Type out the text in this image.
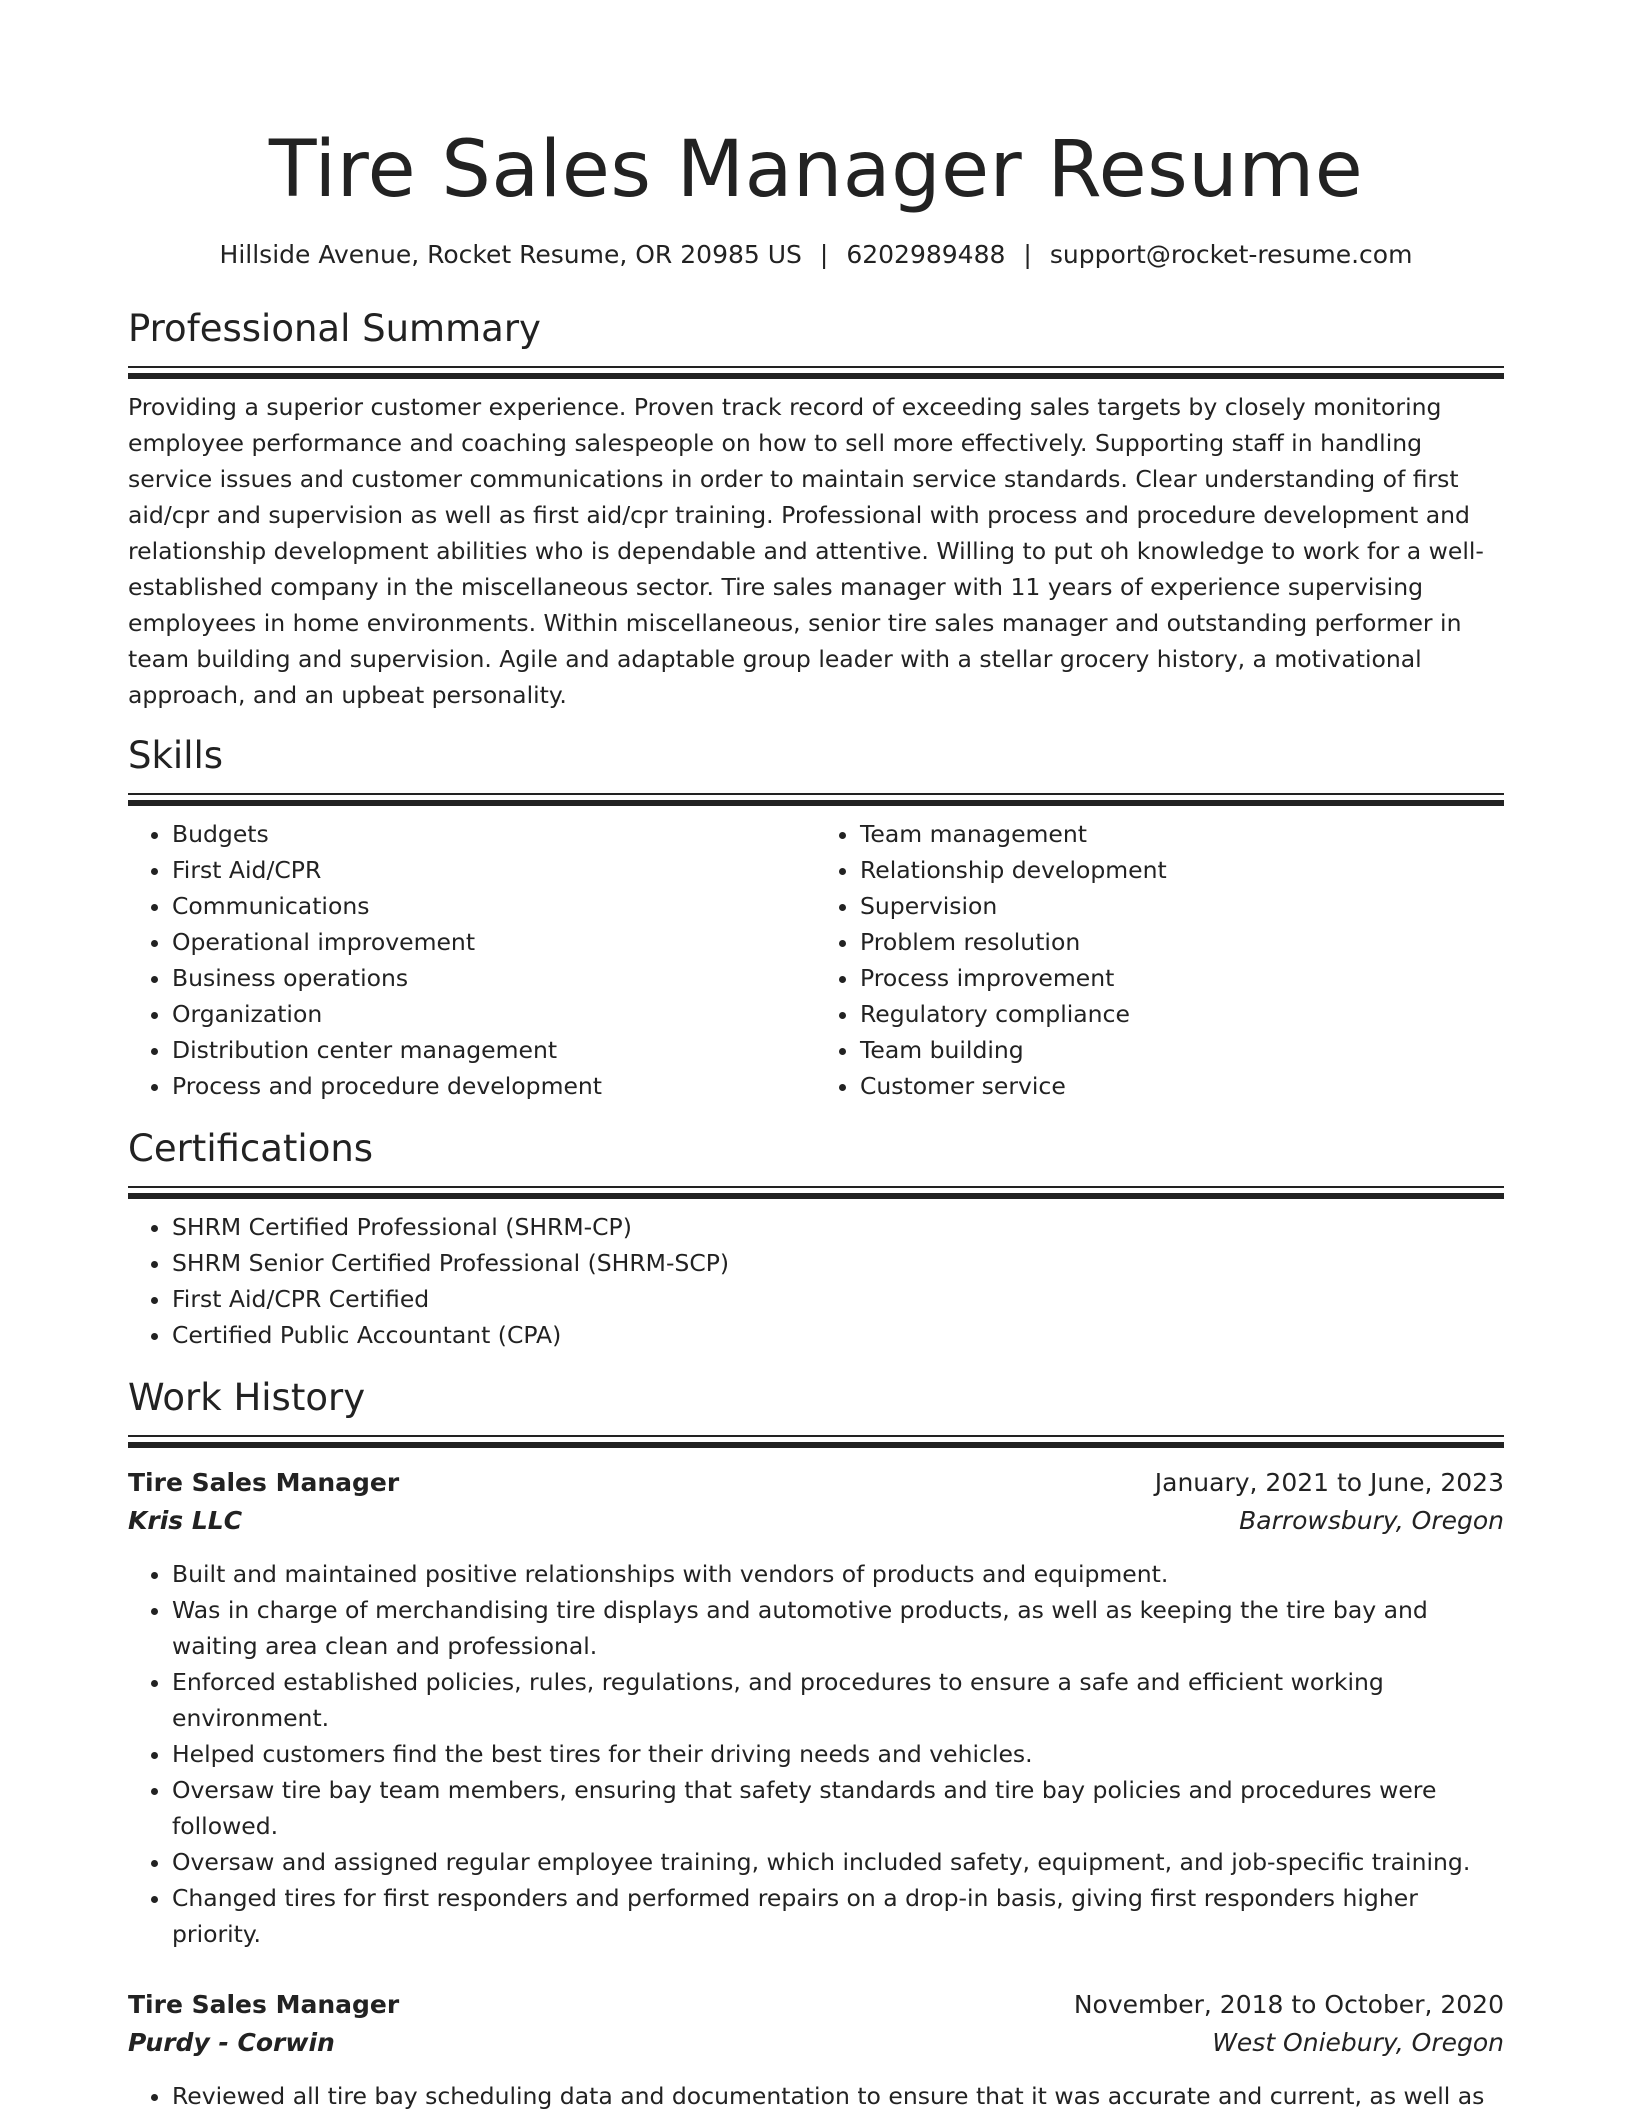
Tire Sales Manager Resume
Hillside Avenue, Rocket Resume, OR 20985 US | 6202989488 | support@rocket-resume.com
Professional Summary

Providing a superior customer experience. Proven track record of exceeding sales targets by closely monitoring employee performance and coaching salespeople on how to sell more effectively. Supporting staff in handling service issues and customer communications in order to maintain service standards. Clear understanding of first aid/cpr and supervision as well as first aid/cpr training. Professional with process and procedure development and relationship development abilities who is dependable and attentive. Willing to put oh knowledge to work for a well-established company in the miscellaneous sector. Tire sales manager with 11 years of experience supervising employees in home environments. Within miscellaneous, senior tire sales manager and outstanding performer in team building and supervision. Agile and adaptable group leader with a stellar grocery history, a motivational approach, and an upbeat personality.

Skills
• Budgets
• First Aid/CPR
• Communications
• Operational improvement
• Business operations
• Organization
• Distribution center management
• Process and procedure development
• Team management
• Relationship development
• Supervision
• Problem resolution
• Process improvement
• Regulatory compliance
• Team building
• Customer service
Certifications
• SHRM Certified Professional (SHRM-CP)
• SHRM Senior Certified Professional (SHRM-SCP)
• First Aid/CPR Certified
• Certified Public Accountant (CPA)
Work History
Tire Sales Manager	January, 2021 to June, 2023
Kris LLC	Barrowsbury, Oregon
• Built and maintained positive relationships with vendors of products and equipment.
• Was in charge of merchandising tire displays and automotive products, as well as keeping the tire bay and waiting area clean and professional.
• Enforced established policies, rules, regulations, and procedures to ensure a safe and efficient working environment.
• Helped customers find the best tires for their driving needs and vehicles.
• Oversaw tire bay team members, ensuring that safety standards and tire bay policies and procedures were followed.
• Oversaw and assigned regular employee training, which included safety, equipment, and job-specific training.
• Changed tires for first responders and performed repairs on a drop-in basis, giving first responders higher priority.
Tire Sales Manager	November, 2018 to October, 2020
Purdy - Corwin	West Oniebury, Oregon
• Reviewed all tire bay scheduling data and documentation to ensure that it was accurate and current, as well as
